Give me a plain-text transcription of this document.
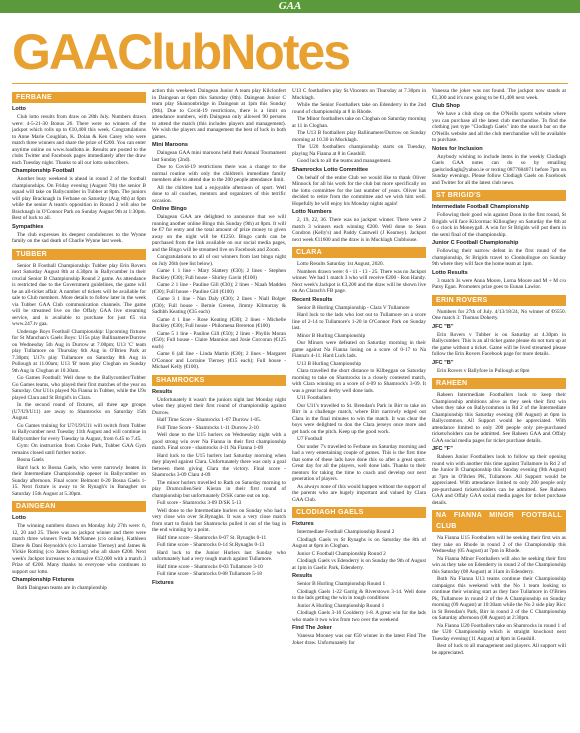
GAA
GAA Club Notes
FERBANE
Lotto
Club lotto results from draw on 28th July. Numbers drawn were: 4-5-21-30 Bonus 26. There were no winners of the jackpot which rolls up to €10,400 this week. Congratulations to Anne Marie Coughlan, K. Dolan & Ken Casey who were match three winners and share the prize of €200. You can enter anytime online on www.loadlotto.ie. Results are posted to the clubs Twitter and Facebook pages immediately after the draw each Tuesday night. Thanks to all our lotto subscribers.
Championship Football
Another busy weekend is ahead in round 2 of the football championships. On Friday evening (August 7th) the senior B squad will take on Ballycumber in Tubber at 8pm. The juniors will play Bracknagh in Ferbane on Saturday (Aug 8th) at 6pm while the senior A team's opposition in Round 2 will also be Bracknagh in O'Connor Park on Sunday August 9th at 1:30pm. Best of luck to all.
Sympathies
The club expresses its deepest condolences to the Wynne family on the sad death of Charlie Wynne last week.
TUBBER
Senior B Football Championship: Tubber play Erin Rovers next Saturday August 8th at 4.30pm in Ballycumber in their crucial Senior B Championship Round 2 game. As attendance is restricted due to the Government guidelines, the game will be an all-ticket affair. A number of tickets will be available for sale to Club members. More details to follow later in the week via Tubber GAA Club communication channels. The game will be streamed live on the Offaly GAA live streaming service, and is available to purchase for just €5 via www.247.tv gaa.
Underage Boys Football Championship: Upcoming fixtures for St Manchan's Gaels Boys: U15s play Ballinamere/Durrow on Wednesday 5th Aug in Durrow at 7.00pm; U13 'C' team play Tullamore on Thursday 6th Aug in O'Brien Park at 7.30pm; U17s play Tullamore on Saturday 8th Aug in Pullough at 11.00am; U13 'B' team play Cloghan on Sunday 9th Aug in Cloghan at 10.30am.
Go Games Football: Well done to the Ballycumber/Tubber Go Games teams, who played their first matches of the year on Saturday. Our U11s played Na Fianna in Tubber, while the U9s played Clara and St Brigid's in Clara.
In the second round of fixtures, all three age groups (U7/U9/U11) are away to Shamrocks on Saturday 15th August.
Go Games training for U7/U9/U11 will switch from Tubber to Ballycumber next Tuesday 11th August and will continue in Ballycumber for every Tuesday in August, from 6.45 to 7.45.
Gym: On instruction from Croke Park, Tubber GAA Gym remains closed until further notice.
Bosna Gaels
Hard luck to Bosna Gaels, who were narrowly beaten in their Intermediate Championship opener in Ballycumber on Sunday afternoon. Final score: Belmont 0-20 Bosna Gaels 1-15. Next fixture is away to St Rynagh's in Banagher on Saturday 15th August at 5.30pm.
DAINGEAN
Lotto
The winning numbers drawn on Monday July 27th were: 6, 12, 20 and 25. There was no jackpot winner and there were match three winners Freda McNamee (c/o online), Kathleen Ehere & Dani Reynolds's (c/o Lorraine Tierney) and James & Vickie Rotting (c/o James Rotting) who all share €200. Next week's Jackpot increases to a massive €12,000 with a match 3 Prize of €200. Many thanks to everyone who continues to support our lotto.
Championship Fixtures
Both Daingean teams are in championship
action this weekend. Daingean Junior A team play Kilclonfert in Daingean at 6pm this Saturday (8th). Daingean Junior C team play Shannonbridge in Daingean at 1pm this Sunday (9th). Due to Covid-19 restrictions, there is a limit on attendance numbers, with Daingean only allowed 90 persons to attend the match (this includes players and management). We wish the players and management the best of luck in both games.
Mini Maroons
Daingean GAA mini maroons held their Annual Tournament last Sunday (2nd).
Due to Covid-19 restrictions there was a change to the normal routine with only the children's immediate family members able to attend due to the 200 people attendance limit.
All the children had a enjoyable afternoon of sport. Well done to all coaches, mentors and organizers of this terrific occasion.
Online Bingo
Daingean GAA are delighted to announce that we will running another online Bingo this Sunday (9th) at 8pm. It will be €7 for entry and the total amount of prize money to given away on the night will be €1250. Bingo cards can be purchased from the link available on our social media pages, and the Bingo will be streamed live on Facebook and Zoom.
Congratulations to all of our winners from last bingo night on July 26th (see list below).
Game 1 1 line - Mary Slattery (€30); 2 lines - Stephen Buckley (€30); Full house - Shirley Gavin (€100)
Game 2 1 line - Pauline Gill (€30); 2 lines - Niaah Madden (€30); Full house - Pauline Gill (€100)
Game 3 1 line - Nan Daly (€30); 2 lines - Niall Bolger (€30); Full house - Bernie Greene, Jimmy Kilmurray & Sadhbh Keating (€35 each)
Game 4 1 line - Rose Keating (€30); 2 lines - Michelle Buckley (€30); Full house - Philomena Brereton (€100)
Game 5 1 line - Pauline Gill (€50); 2 lines - Phyllis Moran (€50); Full house - Claire Mannion and Josie Corcoran (€125 each)
Game 6 (all line - Linda Martin (€30); 2 lines - Margaret O'Connor and Lorraine Tierney (€15 each); Full house - Michael Kelly (€100).
SHAMROCKS
Results
Unfortunately it wasn't the juniors night last Monday night when they played their first round of championship against Durrow.
Half Time Score - Shamrocks 1-07 Durrow 1-05.
Full Time Score - Shamrocks 1-11 Durrow 2-10
Well done to the U15 hurlers on Wednesday night with a good strong win over Na Fianna in their first championship match. Final score - shamrocks 4-11 Na Fianna 1-09
Hard luck to the U15 hurlers last Saturday morning when they played against Clara. Unfortunately there was only a goal between them giving Clara the victory. Final score - Shamrocks 3-09 Clara 4-09
The minor hurlers travelled to Rath on Saturday morning to play Drumcullen/Seir Kieran in their first round of championship but unfortunately D/SK came out on top.
Full score - Shamrocks 3-09 D/SK 5-13
Well done to the Intermediate hurlers on Sunday who had a very close win over St.Rynaghs. It was a very close match from start to finish but Shamrocks pulled it out of the bag in the end winning by a point.
Half time score - Shamrocks 0-07 St. Rynaghs 0-11
Full time score - Shamrocks 0-14 St.Rynaghs 0-13
Hard luck to the Junior Hurlers last Sunday who unfortunately had a very tough match against Tullamore.
Half time score - Shamrocks 0-03 Tullamore 3-10
Full time score - Shamrocks 0-08 Tullamore 5-18
Fixtures
U13 C footballers play St.Vincents on Thursday at 7.30pm in Mucklagh.
While the Senior Footballers take on Edenderry in the 2nd round of championship at 8 in Rhode.
The Minor footballers take on Cloghan on Saturday morning at 11 in Cloghan.
The U13 B footballers play Ballinamere/Durrow on Sunday morning at 10.30 in Mucklagh.
The U20 footballers championship starts on Tuesday, playing Na Fianna at 8 in Geashill.
Good luck to all the teams and management.
Shamrocks Lotto Committee
On behalf of the entire Club we would like to thank Oliver Minnock for all his work for the club but more specifically on the lotto committee for the last number of years. Oliver has decided to retire from the committee and we wish him well. Hopefully he will enjoy his Monday nights again!
Lotto Numbers
2, 19, 22, 36. There was no jackpot winner. There were 2 match 3 winners each winning €200. Well done to Sean Condron (Kelly's) and Paddy Cantwell (J Kearney). Jackpot next week €11600 and the draw is in Mucklagh Clubhouse.
CLARA
Lotto Results Saturday 1st August, 2020.
Numbers drawn were: 6 - 11 - 13 - 25. There was no Jackpot winner. We had 1 match 3 who will receive €200 - Ron Handy. Next week's Jackpot is €3,200 and the draw will be shown live on An Clarach's FB page.
Recent Results
Senior B Hurling Championship - Clara V Tullamore
Hard luck to the lads who lost out to Tullamore on a score line of 2-14 to Tullamore's 1-20 in O'Connor Park on Sunday last.
Minor B Hurling Championship
Our Minors were defeated on Saturday morning in their game against Na Fianna losing on a score of 0-17 to Na Fianna's 4-11. Hard Luck lads.
U13 B Hurling Championship
Clara travelled the short distance to Kilbeggan on Saturday morning to take on Shamrocks in a closely contested match, with Clara winning on a score of 4-09 to Shamrock's 3-09. It was a great local derby well done lads.
U11 Footballers
Our U11's travelled to St. Brendan's Park in Birr to take on Birr in a challenge match, where Birr narrowly edged out Clara in the final minutes to win the match. It was clear the boys were delighted to don the Clara jerseys once more and get back on the pitch. Keep up the good work.
U7 Football
Our under 7's travelled to Ferbane on Saturday morning and had a very entertaining couple of games. This is the first time that some of these lads have done this so after a great sport. Great day for all the players, well done lads. Thanks to their mentors for taking the time to coach and develop our next generation of players.
As always none of this would happen without the support of the parents who are hugely important and valued by Clara GAA Club.
CLODIAGH GAELS
Fixtures
Intermediate Football Championship Round 2
Clodiagh Gaels vs St Rynaghs is on Saturday the 8th of August at 6pm in Cloghan.
Junior C Football Championship Round 2
Clodiagh Gaels vs Edenderry is on Sunday the 9th of August at 1pm in Gaelic Park, Edenderry.
Results
Senior B Hurling Championship Round 1
Clodiagh Gaels 1-22 Garrig & Riverstown 3-14. Well done to the lads getting the win in tough conditions
Junior A Hurling Championship Round 1
Clodiagh Gaels 3-16 Coolderry 1-8. A great win for the lads who made it two wins from two over the weekend
Find The Joker
Vanessa Mooney was our €50 winner in the latest Find The Joker draw. Unfortunately for
Vanessa the joker was not found. The jackpot now stands at €1,300 and it's now going to be €1,400 next week.
Club Shop
We have a club shop on the O'Neills sports website where you can purchase all the latest club merchandise. To find the clothing just type "Clodiagh Gaels" into the search bar on the O'Neills website and all the club merchandise will be available to purchase.
Notes for Inclusion
Anybody wishing to include items in the weekly Clodiagh Gaels GAA notes can do so by emailing gaelsclodiagh@yahoo.ie or texting 0877684071 before 7pm on Sunday evenings. Please follow Clodiagh Gaels on Facebook and Twitter for all the latest club news.
ST BRIGID'S
Intermediate Football Championship
Following their good win against Doon in the first round, St Brigids will face Kilcormac Killoughey on Saturday the 8th at 6 o clock in Moneygall. A win for St Brigids will put them in the semi final of the championship.
Junior C Football Championship
Following their narrow defeat in the first round of the championship, St Brigids travel to Clonbullogue on Sunday 9th where they will face the home team at 1pm.
Lotto Results
3 match 3s were Anna Moore, Lorna Moore and M + M c/o Patsy Egan. Promoters prize goes to Eunan Lawlor.
ERIN ROVERS
Numbers for 27th of July. 4/13/18/24, No winner of €6550. One match 3: Thomas Doherty.
JFC "B"
Erin Rovers v Tubber is on Saturday at 4.30pm in Ballycumber. This is an all ticket game please do not turn up at the game without a ticket. Game will be lived streamed please follow the Erin Rovers Facebook page for more details.
JFC "B"
Erin Rovers v Ballyfore in Pullough at 8pm
RAHEEN
Raheen Intermediate Footballers look to keep their Championship ambitions alive as they seek their first win when they take on Ballycommon in Rd 2 of the Intermediate Championship this Saturday evening (08 August) at 6pm in Ballycommon. All Support would be appreciated. With attendance limited to only 200 people only pre-purchased tickets/holders can be admitted. See Raheen GAA and Offaly GAA social media pages for ticket purchase details.
JFC "F"
Raheen Junior Footballers look to follow up their opening round win with another this time against Tullamore in Rd 2 of the Junior B Championship this Sunday evening (9th August) at 7pm in O'Brien PK, Tullamore. All Support would be appreciated. With attendance limited to only 200 people only pre-purchased tickets/holders can be admitted. See Raheen GAA and Offaly GAA social media pages for ticket purchase details.
NA FIANNA MINOR FOOTBALL CLUB
Na Fianna U15 Footballers will be seeking their first win as they take on Rhode in round 2 of the Championship this Wednesday (05 August) at 7pm in Rhode.
Na Fianna Minor Footballers will also be seeking their first win as they take on Edenderry in round 2 of the Championship this Saturday (08 August) at 11am in Edenderry.
Both Na Fianna U13 teams continue their Championship campaigns this weekend with the No 1 team looking to continue their winning start as they face Tullamore in O'Brien Pk, Tullamore in round 2 of the A Championship on Sunday morning (09 August) at 10:30am while the No 2 side play Ricc in St Brendan's Park, Birr in round 2 of the C Championship on Saturday afternoon (08 August) at 2:30pm.
Na Fianna U20 Footballers take on Shamrocks in round 1 of the U20 Championship which is straight knockout next Tuesday evening (11 August) at 8pm in Geashill.
Best of luck to all management and players. All support will be appreciated.
